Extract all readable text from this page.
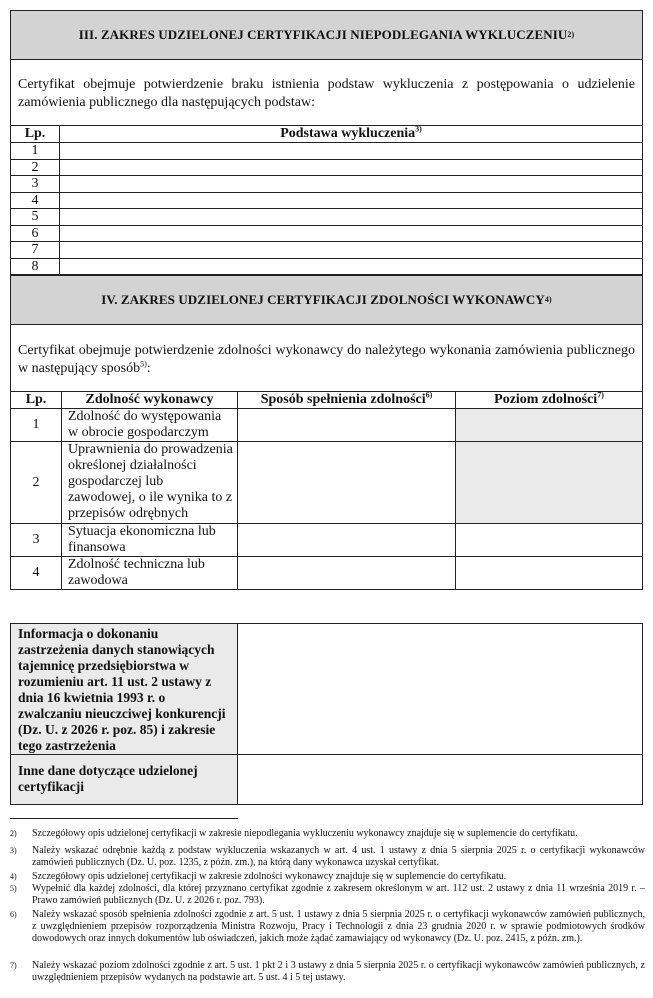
III. ZAKRES UDZIELONEJ CERTYFIKACJI NIEPODLEGANIA WYKLUCZENIU 2)
Certyfikat obejmuje potwierdzenie braku istnienia podstaw wykluczenia z postępowania o udzielenie zamówienia publicznego dla następujących podstaw:
Lp.	Podstawa wykluczenia$^{3)}$
1	
2	
3	
4	
5	
6	
7	
8	
IV. ZAKRES UDZIELONEJ CERTYFIKACJI ZDOLNOŚCI WYKONAWCY 4)
Certyfikat obejmuje potwierdzenie zdolności wykonawcy do należytego wykonania zamówienia publicznego w następujący sposób$^{5)}$:
Lp.	Zdolność wykonawcy	Sposób spełnienia zdolności$^{6)}$	Poziom zdolności$^{7)}$
1	Zdolność do występowania w obrocie gospodarczym		
2	Uprawnienia do prowadzenia określonej działalności gospodarczej lub zawodowej, o ile wynika to z przepisów odrębnych		
3	Sytuacja ekonomiczna lub finansowa		
4	Zdolność techniczna lub zawodowa		
Informacja o dokonaniu zastrzeżenia danych stanowiących tajemnicę przedsiębiorstwa w rozumieniu art. 11 ust. 2 ustawy z dnia 16 kwietnia 1993 r. o zwalczaniu nieuczciwej konkurencji (Dz. U. z 2026 r. poz. 85) i zakresie tego zastrzeżenia	
Inne dane dotyczące udzielonej certyfikacji	
2)	Szczegółowy opis udzielonej certyfikacji w zakresie niepodlegania wykluczeniu wykonawcy znajduje się w suplemencie do certyfikatu.
3)	Należy wskazać odrębnie każdą z podstaw wykluczenia wskazanych w art. 4 ust. 1 ustawy z dnia 5 sierpnia 2025 r. o certyfikacji wykonawców zamówień publicznych (Dz. U. poz. 1235, z późn. zm.), na którą dany wykonawca uzyskał certyfikat.
4)	Szczegółowy opis udzielonej certyfikacji w zakresie zdolności wykonawcy znajduje się w suplemencie do certyfikatu.
5)	Wypełnić dla każdej zdolności, dla której przyznano certyfikat zgodnie z zakresem określonym w art. 112 ust. 2 ustawy z dnia 11 września 2019 r. – Prawo zamówień publicznych (Dz. U. z 2026 r. poz. 793).
6)	Należy wskazać sposób spełnienia zdolności zgodnie z art. 5 ust. 1 ustawy z dnia 5 sierpnia 2025 r. o certyfikacji wykonawców zamówień publicznych, z uwzględnieniem przepisów rozporządzenia Ministra Rozwoju, Pracy i Technologii z dnia 23 grudnia 2020 r. w sprawie podmiotowych środków dowodowych oraz innych dokumentów lub oświadczeń, jakich może żądać zamawiający od wykonawcy (Dz. U. poz. 2415, z późn. zm.).
7)	Należy wskazać poziom zdolności zgodnie z art. 5 ust. 1 pkt 2 i 3 ustawy z dnia 5 sierpnia 2025 r. o certyfikacji wykonawców zamówień publicznych, z uwzględnieniem przepisów wydanych na podstawie art. 5 ust. 4 i 5 tej ustawy.
